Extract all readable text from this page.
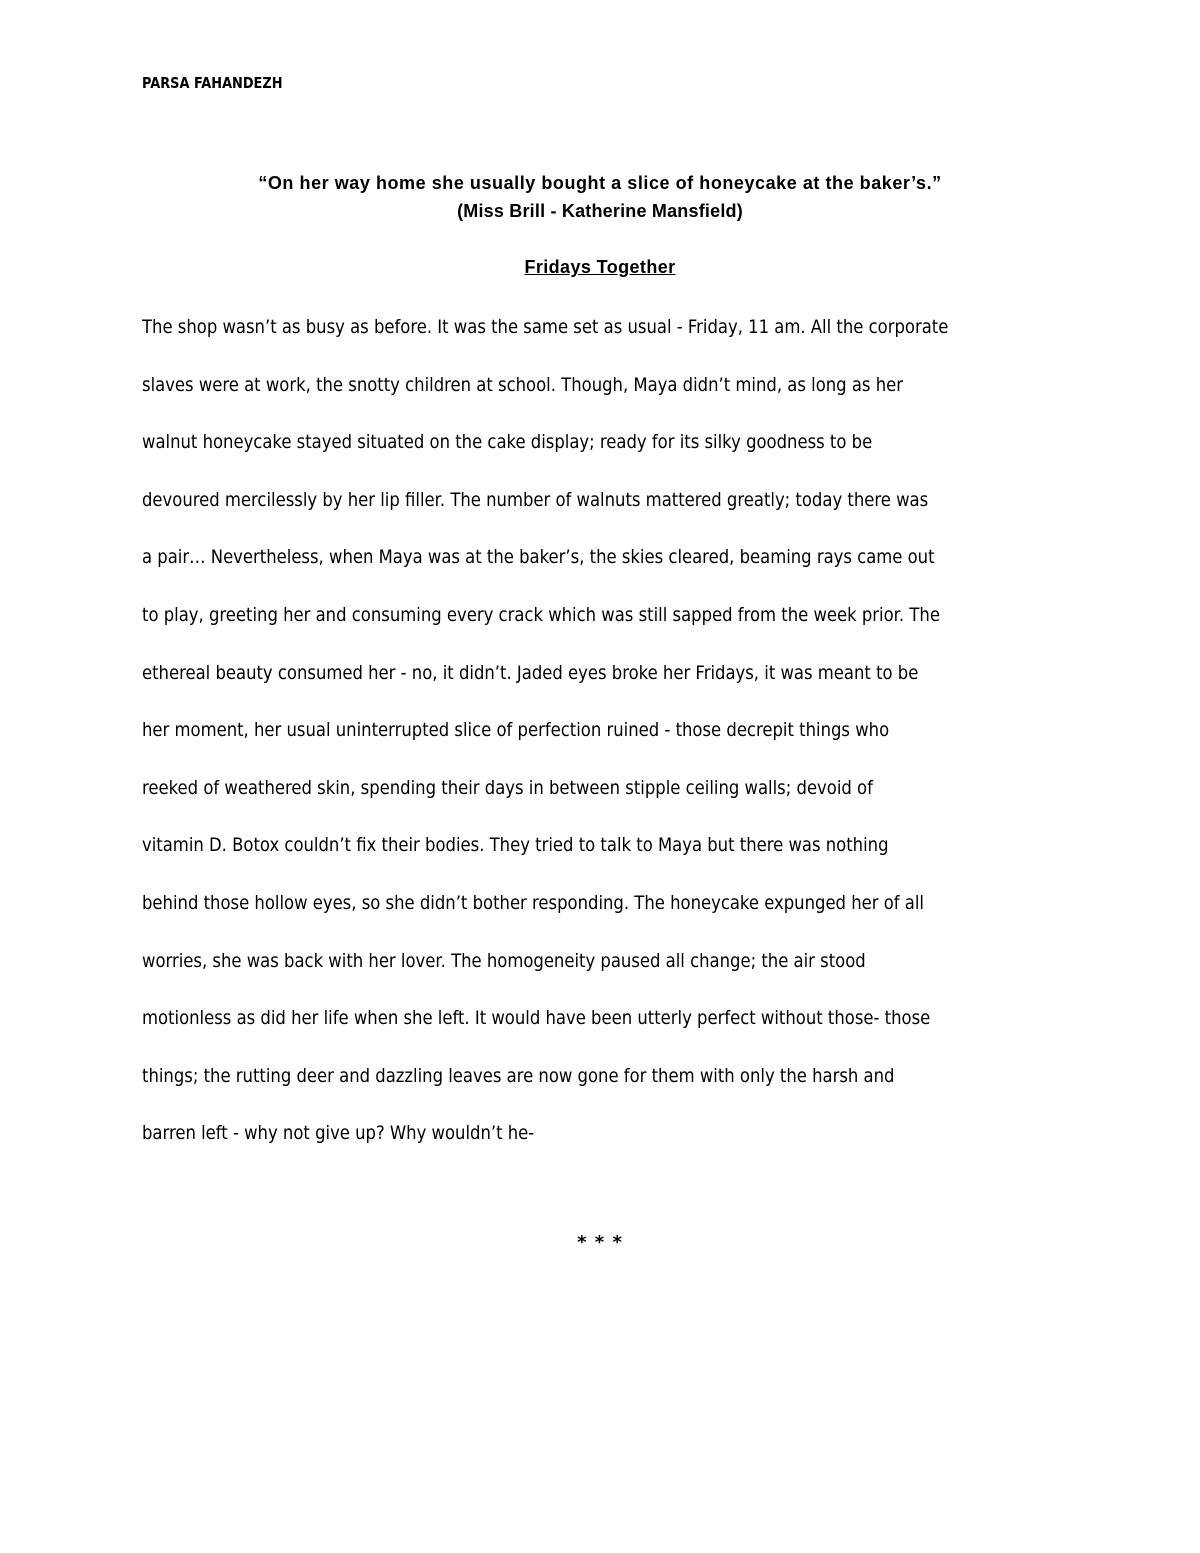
PARSA FAHANDEZH
“On her way home she usually bought a slice of honeycake at the baker’s.”
(Miss Brill - Katherine Mansfield)
Fridays Together
The shop wasn’t as busy as before. It was the same set as usual - Friday, 11 am. All the corporate
slaves were at work, the snotty children at school. Though, Maya didn’t mind, as long as her
walnut honeycake stayed situated on the cake display; ready for its silky goodness to be
devoured mercilessly by her lip filler. The number of walnuts mattered greatly; today there was
a pair… Nevertheless, when Maya was at the baker’s, the skies cleared, beaming rays came out
to play, greeting her and consuming every crack which was still sapped from the week prior. The
ethereal beauty consumed her - no, it didn’t. Jaded eyes broke her Fridays, it was meant to be
her moment, her usual uninterrupted slice of perfection ruined - those decrepit things who
reeked of weathered skin, spending their days in between stipple ceiling walls; devoid of
vitamin D. Botox couldn’t fix their bodies. They tried to talk to Maya but there was nothing
behind those hollow eyes, so she didn’t bother responding. The honeycake expunged her of all
worries, she was back with her lover. The homogeneity paused all change; the air stood
motionless as did her life when she left. It would have been utterly perfect without those- those
things; the rutting deer and dazzling leaves are now gone for them with only the harsh and
barren left - why not give up? Why wouldn’t he-
* * *
